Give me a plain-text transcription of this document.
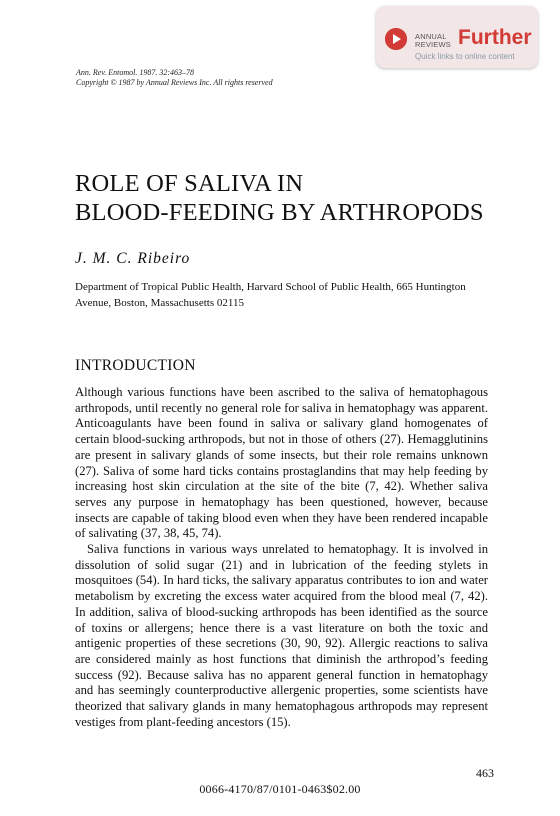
ANNUAL
REVIEWS Further
Quick links to online content
Ann. Rev. Entomol. 1987. 32:463–78
Copyright © 1987 by Annual Reviews Inc. All rights reserved
ROLE OF SALIVA IN
BLOOD-FEEDING BY ARTHROPODS
J. M. C. Ribeiro
Department of Tropical Public Health, Harvard School of Public Health, 665 Huntington Avenue, Boston, Massachusetts 02115
INTRODUCTION

Although various functions have been ascribed to the saliva of hematophagous arthropods, until recently no general role for saliva in hematophagy was apparent. Anticoagulants have been found in saliva or salivary gland homogenates of certain blood-sucking arthropods, but not in those of others (27). Hemagglutinins are present in salivary glands of some insects, but their role remains unknown (27). Saliva of some hard ticks contains prostaglandins that may help feeding by increasing host skin circulation at the site of the bite (7, 42). Whether saliva serves any purpose in hematophagy has been questioned, however, because insects are capable of taking blood even when they have been rendered incapable of salivating (37, 38, 45, 74).

Saliva functions in various ways unrelated to hematophagy. It is involved in dissolution of solid sugar (21) and in lubrication of the feeding stylets in mosquitoes (54). In hard ticks, the salivary apparatus contributes to ion and water metabolism by excreting the excess water acquired from the blood meal (7, 42). In addition, saliva of blood-sucking arthropods has been identified as the source of toxins or allergens; hence there is a vast literature on both the toxic and antigenic properties of these secretions (30, 90, 92). Allergic reactions to saliva are considered mainly as host functions that diminish the arthropod’s feeding success (92). Because saliva has no apparent general function in hematophagy and has seemingly counterproductive allergenic properties, some scientists have theorized that salivary glands in many hematophagous arthropods may represent vestiges from plant-feeding ancestors (15).

463
0066-4170/87/0101-0463$02.00
